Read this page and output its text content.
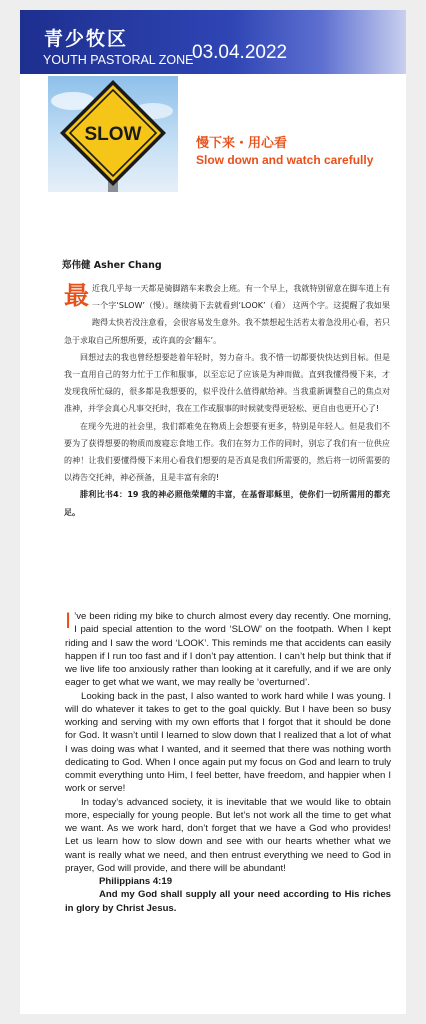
青少牧区
YOUTH PASTORAL ZONE
03.04.2022
SLOW	慢下来・用心看
Slow down and watch carefully
郑伟健 Asher Chang

最近我几乎每一天都是骑脚踏车来教会上班。有一个早上，我就特别留意在脚车道上有一个字‘SLOW’（慢）。继续骑下去就看到‘LOOK’（看） 这两个字。这提醒了我如果跑得太快若没注意看，会很容易发生意外。我不禁想起生活若太着急没用心看，若只急于求取自己所想所要，或许真的会‘翻车’。

回想过去的我也曾经想要趁着年轻时，努力奋斗。我不惜一切都要快快达到目标。但是我一直用自己的努力忙于工作和服事，以至忘记了应该是为神而做。直到我懂得慢下来，才发现我所忙碌的，很多都是我想要的，似乎没什么值得献给神。当我重新调整自己的焦点对准神，并学会真心凡事交托时，我在工作或服事的时候就变得更轻松、更自由也更开心了!

在现今先进的社会里，我们都难免在物质上会想要有更多，特别是年轻人。但是我们不要为了获得想要的物质而废寝忘食地工作。我们在努力工作的同时，别忘了我们有一位供应的神！让我们要懂得慢下来用心看我们想要的是否真是我们所需要的，然后将一切所需要的以祷告交托神，神必预备，且是丰富有余的!

腓利比书4：19 我的神必照他荣耀的丰富，在基督耶稣里，使你们一切所需用的都充足。

I ’ve been riding my bike to church almost every day recently. One morning, I paid special attention to the word ‘SLOW’ on the footpath. When I kept riding and I saw the word ‘LOOK’. This reminds me that accidents can easily happen if I run too fast and if I don’t pay attention. I can’t help but think that if we live life too anxiously rather than looking at it carefully, and if we are only eager to get what we want, we may really be ‘overturned’.

Looking back in the past, I also wanted to work hard while I was young. I will do whatever it takes to get to the goal quickly. But I have been so busy working and serving with my own efforts that I forgot that it should be done for God. It wasn’t until I learned to slow down that I realized that a lot of what I was doing was what I wanted, and it seemed that there was nothing worth dedicating to God. When I once again put my focus on God and learn to truly commit everything unto Him, I feel better, have freedom, and happier when I work or serve!

In today’s advanced society, it is inevitable that we would like to obtain more, especially for young people. But let’s not work all the time to get what we want. As we work hard, don’t forget that we have a God who provides! Let us learn how to slow down and see with our hearts whether what we want is really what we need, and then entrust everything we need to God in prayer, God will provide, and there will be abundant!

Philippians 4:19

And my God shall supply all your need according to His riches in glory by Christ Jesus.
